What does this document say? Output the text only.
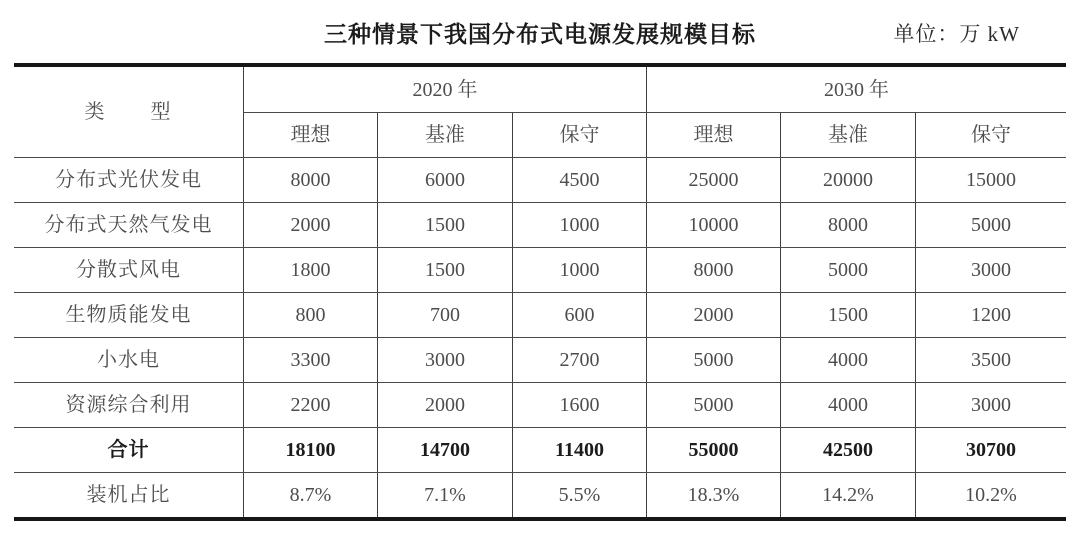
三种情景下我国分布式电源发展规模目标	单位：万 kW
类　　型
2020 年	2030 年
理想	基准	保守	理想	基准	保守
分布式光伏发电	8000	6000	4500	25000	20000	15000
分布式天然气发电	2000	1500	1000	10000	8000	5000
分散式风电	1800	1500	1000	8000	5000	3000
生物质能发电	800	700	600	2000	1500	1200
小水电	3300	3000	2700	5000	4000	3500
资源综合利用	2200	2000	1600	5000	4000	3000
合计	18100	14700	11400	55000	42500	30700
装机占比	8.7%	7.1%	5.5%	18.3%	14.2%	10.2%
